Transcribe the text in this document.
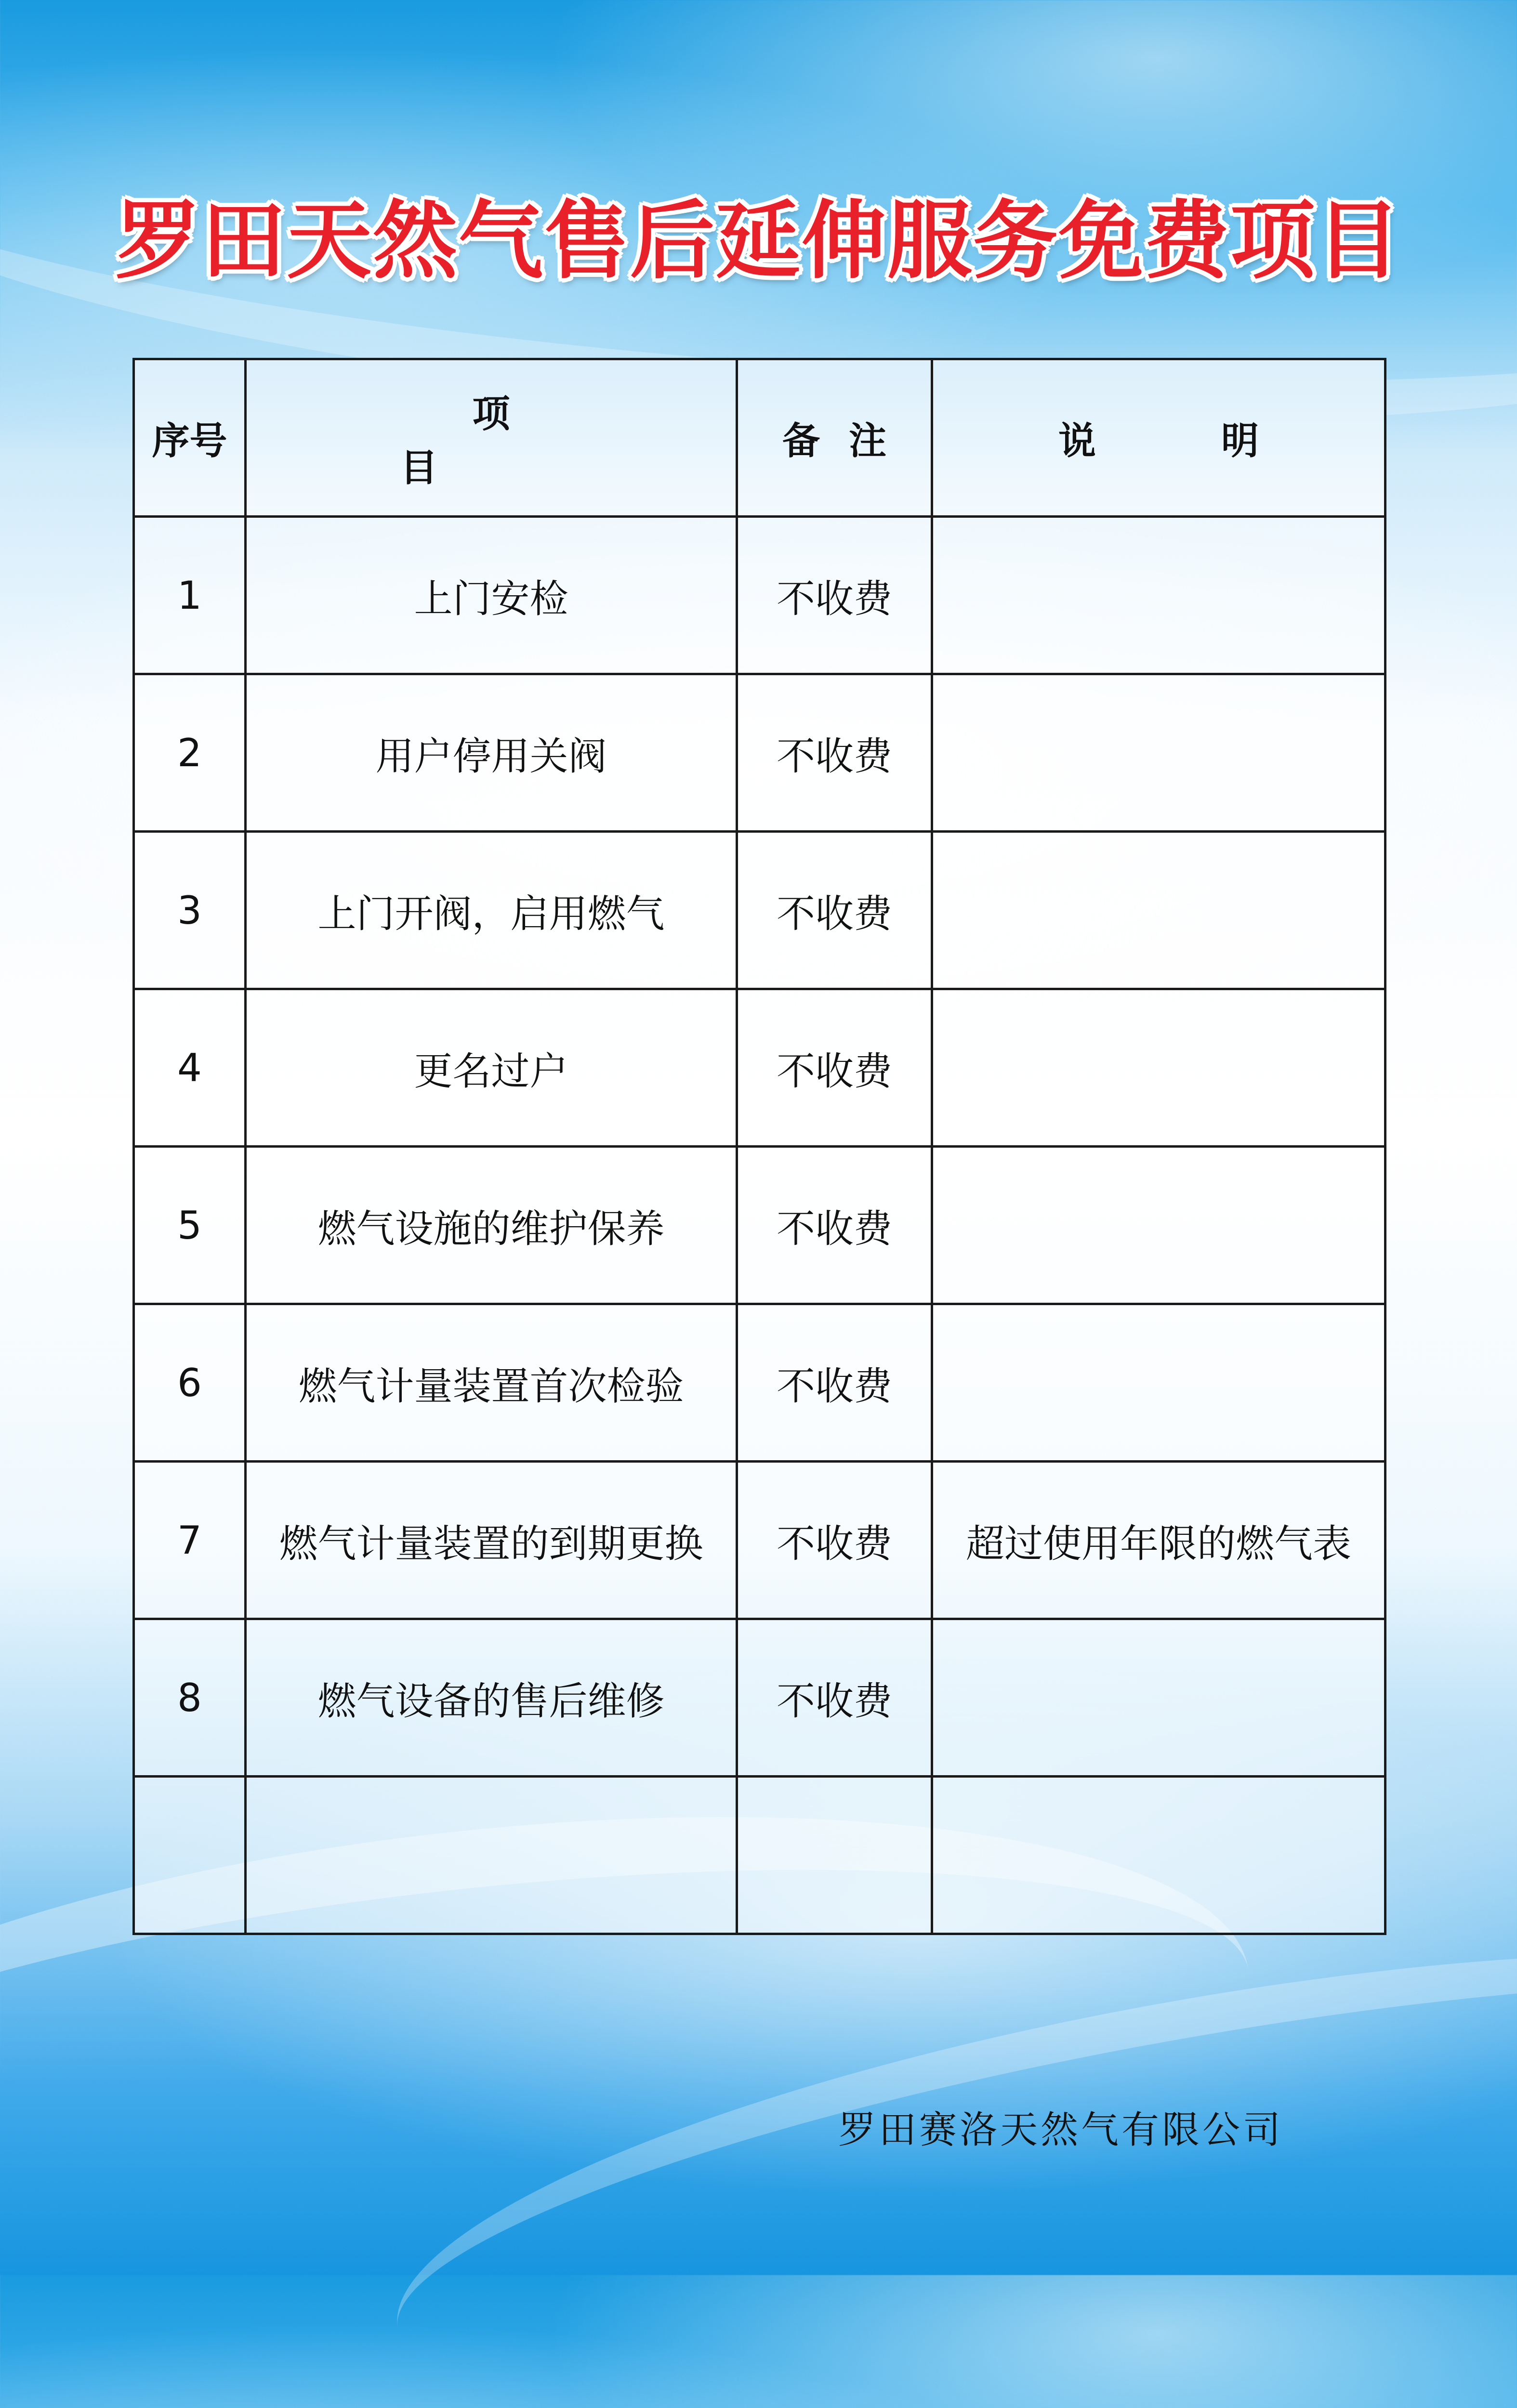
罗田天然气售后延伸服务免费项目
序号	项目	备注	说明
1	上门安检	不收费	
2	用户停用关阀	不收费	
3	上门开阀，启用燃气	不收费	
4	更名过户	不收费	
5	燃气设施的维护保养	不收费	
6	燃气计量装置首次检验	不收费	
7	燃气计量装置的到期更换	不收费	超过使用年限的燃气表
8	燃气设备的售后维修	不收费	

罗田赛洛天然气有限公司
